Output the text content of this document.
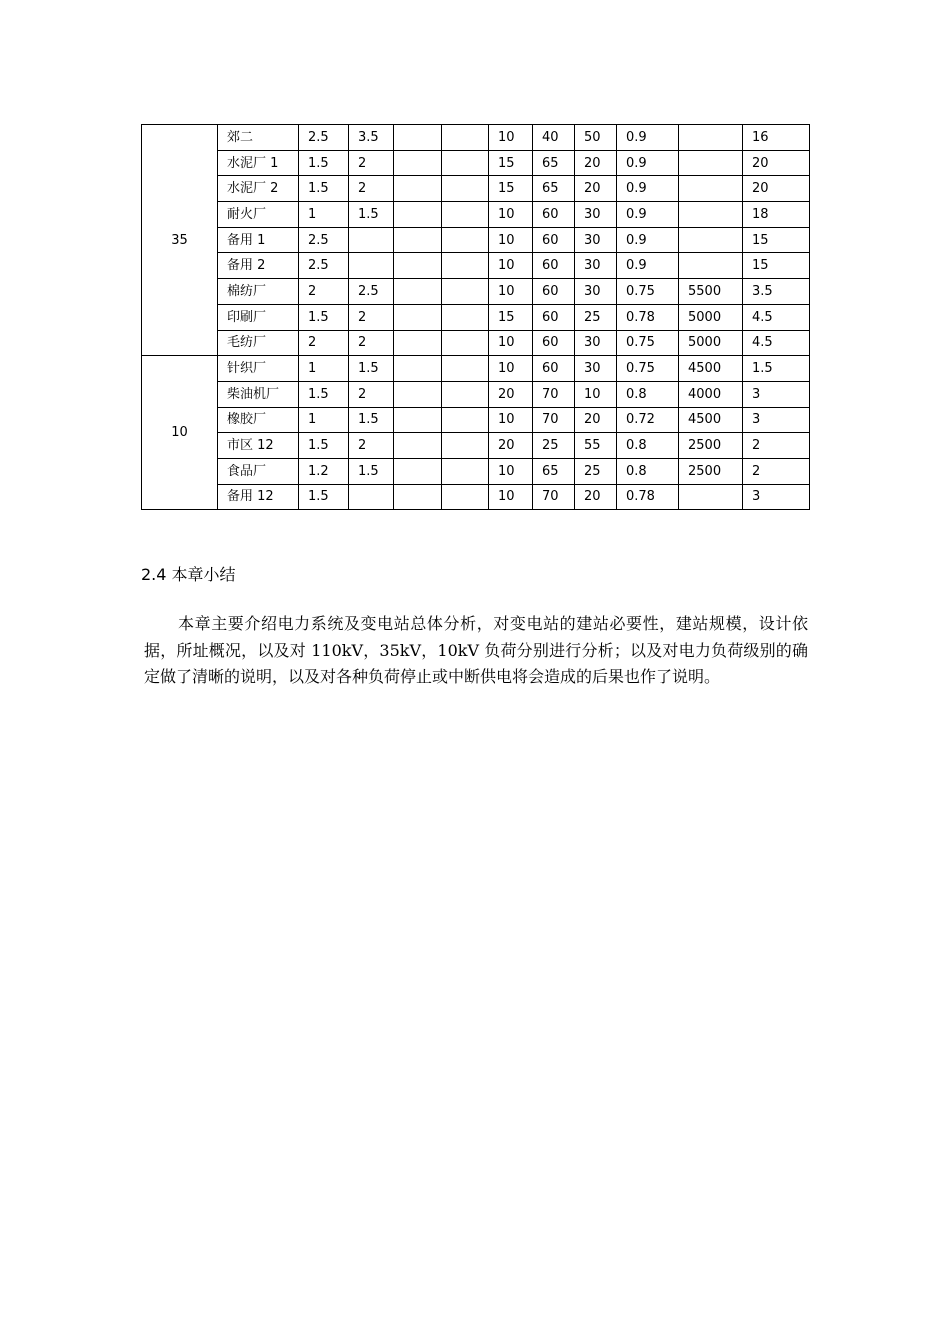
35	郊二	2.5	3.5			10	40	50	0.9		16
	水泥厂 1	1.5	2			15	65	20	0.9		20
	水泥厂 2	1.5	2			15	65	20	0.9		20
	耐火厂	1	1.5			10	60	30	0.9		18
	备用 1	2.5				10	60	30	0.9		15
	备用 2	2.5				10	60	30	0.9		15
	棉纺厂	2	2.5			10	60	30	0.75	5500	3.5
	印刷厂	1.5	2			15	60	25	0.78	5000	4.5
	毛纺厂	2	2			10	60	30	0.75	5000	4.5
10	针织厂	1	1.5			10	60	30	0.75	4500	1.5
	柴油机厂	1.5	2			20	70	10	0.8	4000	3
	橡胶厂	1	1.5			10	70	20	0.72	4500	3
	市区 12	1.5	2			20	25	55	0.8	2500	2
	食品厂	1.2	1.5			10	65	25	0.8	2500	2
	备用 12	1.5				10	70	20	0.78		3
2.4 本章小结

本章主要介绍电力系统及变电站总体分析，对变电站的建站必要性，建站规模，设计依据，所址概况，以及对 110kV，35kV，10kV 负荷分别进行分析；以及对电力负荷级别的确定做了清晰的说明，以及对各种负荷停止或中断供电将会造成的后果也作了说明。
